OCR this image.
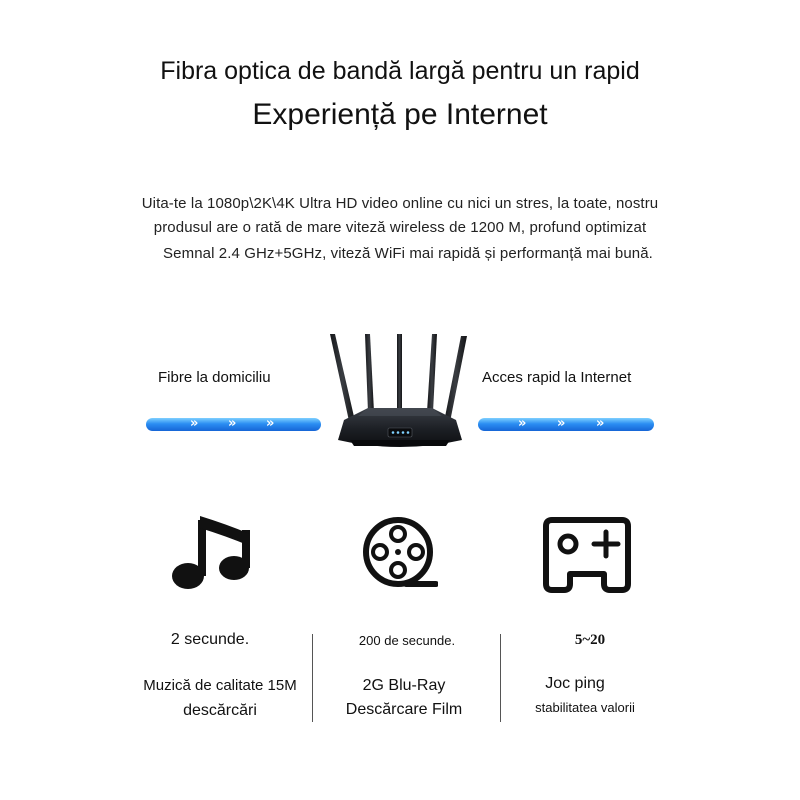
Fibra optica de bandă largă pentru un rapid
Experiență pe Internet
Uita-te la 1080p\2K\4K Ultra HD video online cu nici un stres, la toate, nostru
produsul are o rată de mare viteză wireless de 1200 M, profund optimizat
Semnal 2.4 GHz+5GHz, viteză WiFi mai rapidă și performanță mai bună.
Fibre la domiciliu	Acces rapid la Internet
» » »	»	»	»
2 secunde.
Muzică de calitate 15M
descărcări
200 de secunde.
2G Blu-Ray
Descărcare Film
5~20
Joc ping
stabilitatea valorii
